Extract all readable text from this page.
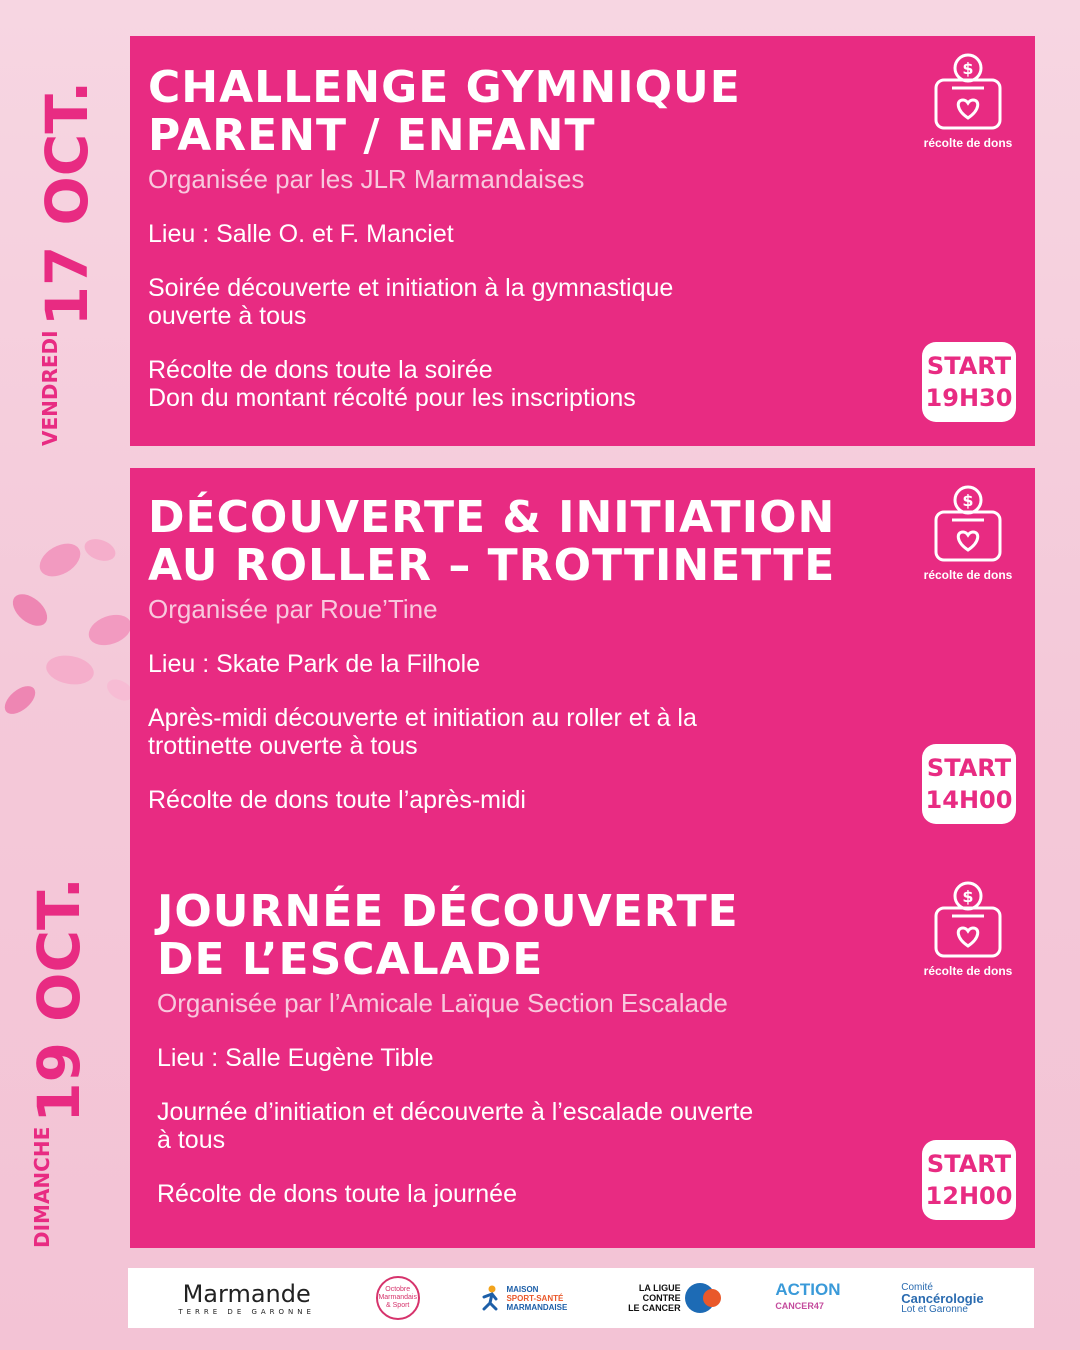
VENDREDI17 OCT.
DIMANCHE19 OCT.
CHALLENGE GYMNIQUE
PARENT / ENFANT
Organisée par les JLR Marmandaises
Lieu : Salle O. et F. Manciet
Soirée découverte et initiation à la gymnastique
ouverte à tous
Récolte de dons toute la soirée
Don du montant récolté pour les inscriptions
$
récolte de dons
START
19H30
DÉCOUVERTE & INITIATION
AU ROLLER – TROTTINETTE
Organisée par Roue’Tine
Lieu : Skate Park de la Filhole
Après-midi découverte et initiation au roller et à la
trottinette ouverte à tous
Récolte de dons toute l’après-midi
$
récolte de dons
START
14H00
JOURNÉE DÉCOUVERTE
DE L’ESCALADE
Organisée par l’Amicale Laïque Section Escalade
Lieu : Salle Eugène Tible
Journée d’initiation et découverte à l’escalade ouverte
à tous
Récolte de dons toute la journée
$
récolte de dons
START
12H00
Marmande
TERRE DE GARONNE
Octobre Marmandais & Sport
MAISON
SPORT-SANTÉ
MARMANDAISE
LA LIGUE
CONTRE
LE CANCER
ACTION
CANCER47
Comité
Cancérologie
Lot et Garonne
